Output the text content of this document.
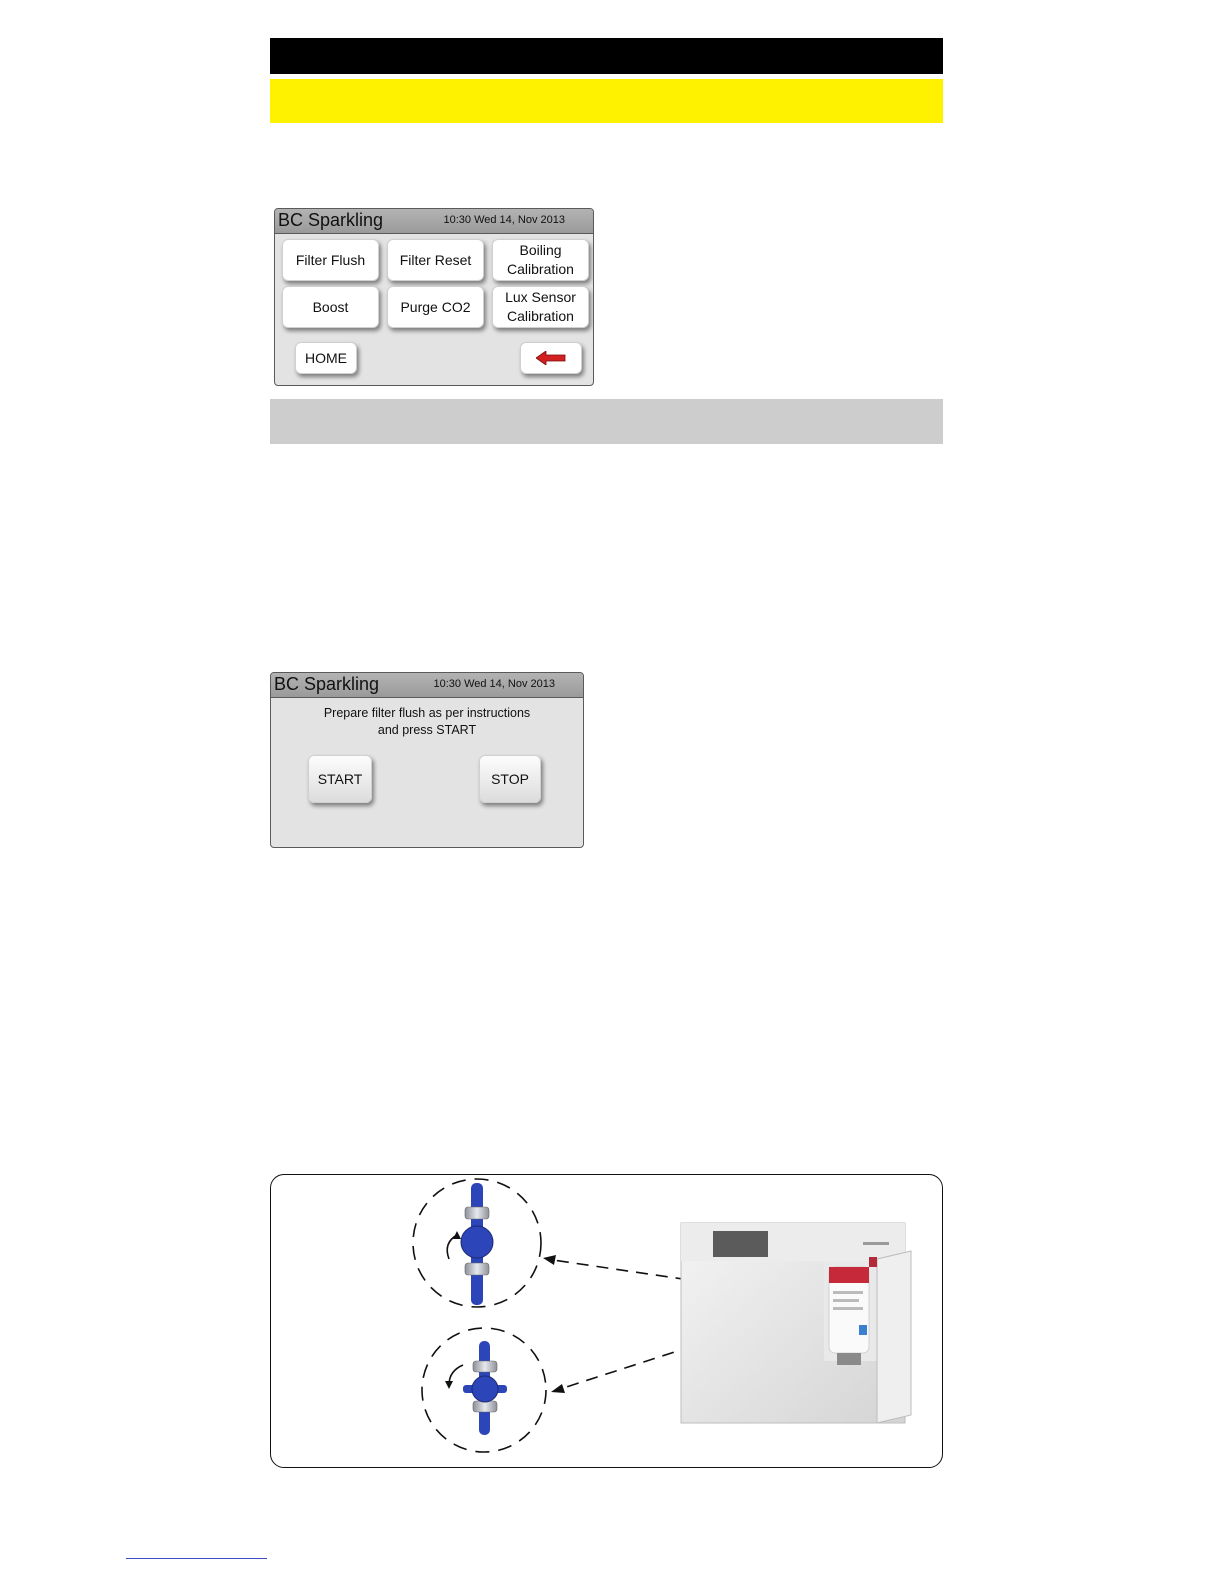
BC Sparkling	10:30 Wed 14, Nov 2013
Filter Flush	Filter Reset
Boiling
Calibration
Boost	Purge CO2
Lux Sensor
Calibration
HOME
BC Sparkling	10:30 Wed 14, Nov 2013
Prepare filter flush as per instructions
and press START
START	STOP
